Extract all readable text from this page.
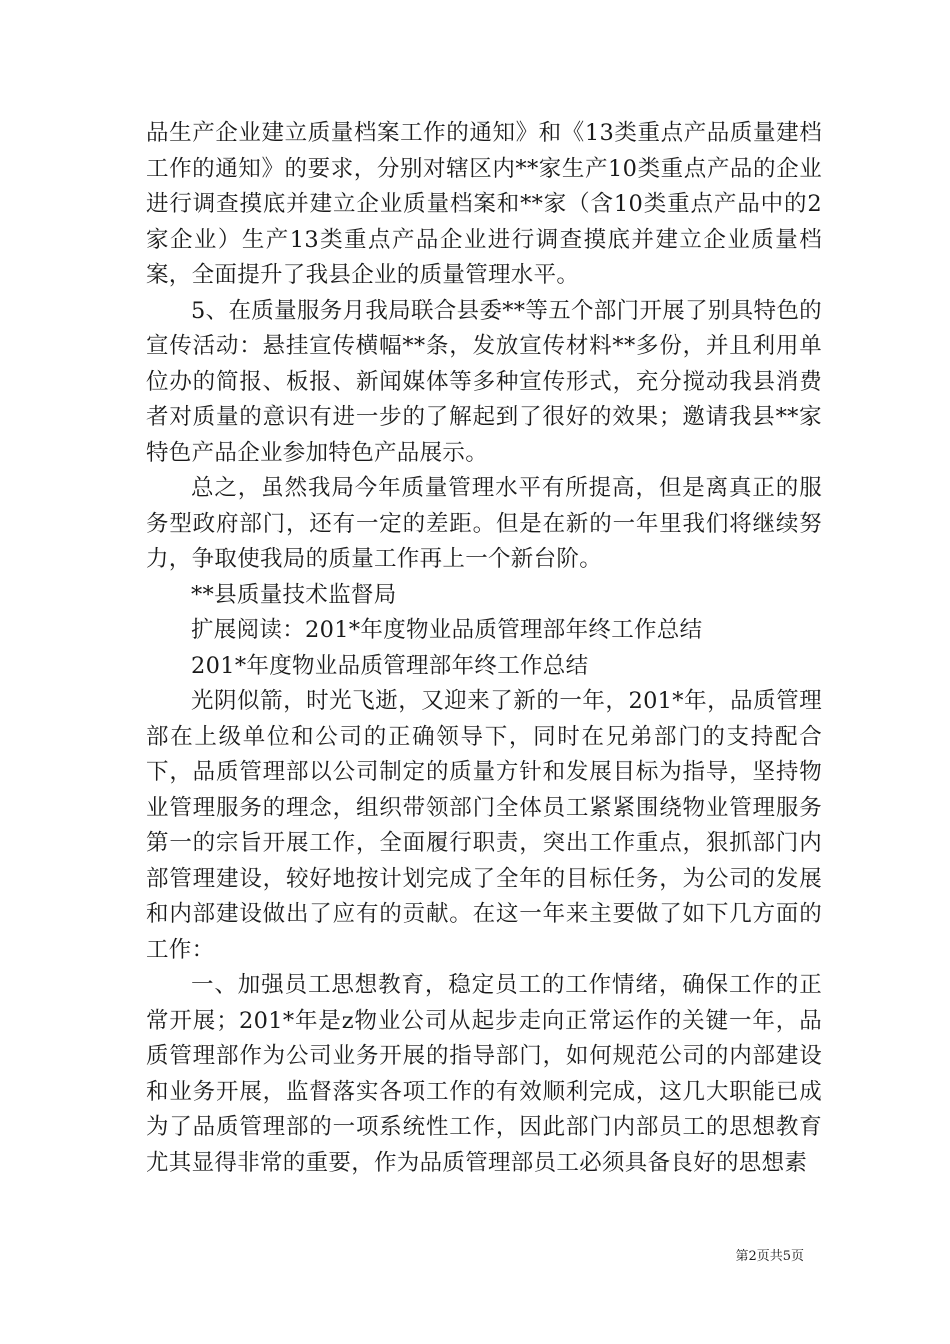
品生产企业建立质量档案工作的通知》和《13类重点产品质量建档工作的通知》的要求，分别对辖区内**家生产10类重点产品的企业进行调查摸底并建立企业质量档案和**家（含10类重点产品中的2家企业）生产13类重点产品企业进行调查摸底并建立企业质量档案，全面提升了我县企业的质量管理水平。

5、在质量服务月我局联合县委**等五个部门开展了别具特色的宣传活动：悬挂宣传横幅**条，发放宣传材料**多份，并且利用单位办的简报、板报、新闻媒体等多种宣传形式，充分搅动我县消费者对质量的意识有进一步的了解起到了很好的效果；邀请我县**家特色产品企业参加特色产品展示。

总之，虽然我局今年质量管理水平有所提高，但是离真正的服务型政府部门，还有一定的差距。但是在新的一年里我们将继续努力，争取使我局的质量工作再上一个新台阶。

**县质量技术监督局

扩展阅读：201*年度物业品质管理部年终工作总结

201*年度物业品质管理部年终工作总结

光阴似箭，时光飞逝，又迎来了新的一年，201*年，品质管理部在上级单位和公司的正确领导下，同时在兄弟部门的支持配合下，品质管理部以公司制定的质量方针和发展目标为指导，坚持物业管理服务的理念，组织带领部门全体员工紧紧围绕物业管理服务第一的宗旨开展工作，全面履行职责，突出工作重点，狠抓部门内部管理建设，较好地按计划完成了全年的目标任务，为公司的发展和内部建设做出了应有的贡献。在这一年来主要做了如下几方面的工作：

一、加强员工思想教育，稳定员工的工作情绪，确保工作的正常开展；201*年是z物业公司从起步走向正常运作的关键一年，品质管理部作为公司业务开展的指导部门，如何规范公司的内部建设和业务开展，监督落实各项工作的有效顺利完成，这几大职能已成为了品质管理部的一项系统性工作，因此部门内部员工的思想教育尤其显得非常的重要，作为品质管理部员工必须具备良好的思想素

第2页共5页
